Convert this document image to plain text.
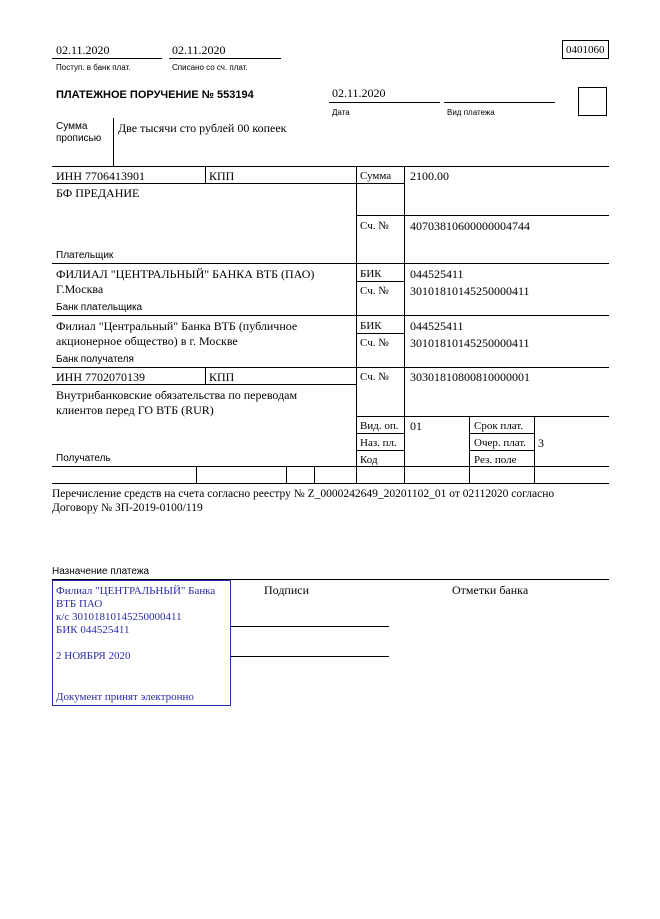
02.11.2020
Поступ. в банк плат.
02.11.2020
Списано со сч. плат.
0401060
ПЛАТЕЖНОЕ ПОРУЧЕНИЕ № 553194	02.11.2020
Дата	Вид платежа
Сумма
прописью
Две тысячи сто рублей 00 копеек
ИНН 7706413901	КПП	Сумма 2100.00
БФ ПРЕДАНИЕ
Сч. № 40703810600000004744
Плательщик
ФИЛИАЛ "ЦЕНТРАЛЬНЫЙ" БАНКА ВТБ (ПАО)
Г.Москва
БИК 044525411
Сч. № 30101810145250000411
Банк плательщика
Филиал "Центральный" Банка ВТБ (публичное
акционерное общество) в г. Москве
БИК 044525411
Сч. № 30101810145250000411
Банк получателя
ИНН 7702070139	КПП	Сч. № 30301810800810000001
Внутрибанковские обязательства по переводам
клиентов перед ГО ВТБ (RUR)
Получатель
Вид. оп. 01	Срок плат.
Наз. пл.	Очер. плат. 3
Код	Рез. поле
Перечисление средств на счета согласно реестру № Z_0000242649_20201102_01 от 02112020 согласно
Договору № ЗП-2019-0100/119
Назначение платежа
Подписи	Отметки банка
Филиал "ЦЕНТРАЛЬНЫЙ" Банка
ВТБ ПАО
к/с 30101810145250000411
БИК 044525411
2 НОЯБРЯ 2020
Документ принят электронно
